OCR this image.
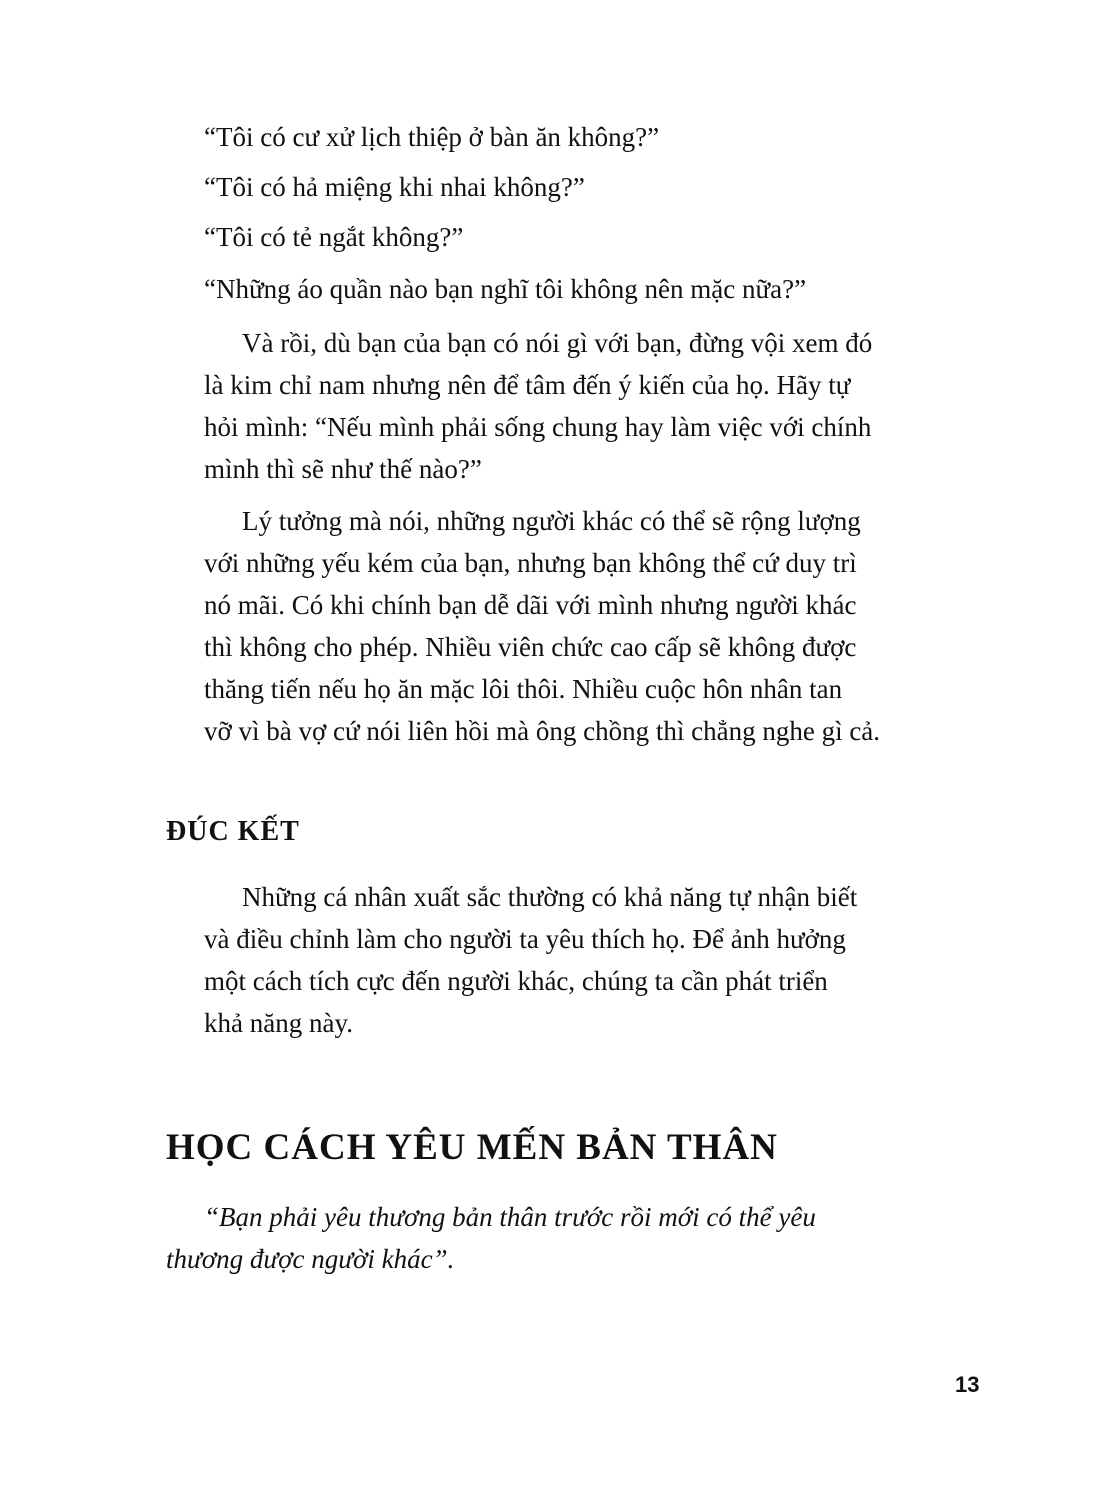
“Tôi có cư xử lịch thiệp ở bàn ăn không?”
“Tôi có hả miệng khi nhai không?”
“Tôi có tẻ ngắt không?”
“Những áo quần nào bạn nghĩ tôi không nên mặc nữa?”
Và rồi, dù bạn của bạn có nói gì với bạn, đừng vội xem đó
là kim chỉ nam nhưng nên để tâm đến ý kiến của họ. Hãy tự
hỏi mình: “Nếu mình phải sống chung hay làm việc với chính
mình thì sẽ như thế nào?”
Lý tưởng mà nói, những người khác có thể sẽ rộng lượng
với những yếu kém của bạn, nhưng bạn không thể cứ duy trì
nó mãi. Có khi chính bạn dễ dãi với mình nhưng người khác
thì không cho phép. Nhiều viên chức cao cấp sẽ không được
thăng tiến nếu họ ăn mặc lôi thôi. Nhiều cuộc hôn nhân tan
vỡ vì bà vợ cứ nói liên hồi mà ông chồng thì chẳng nghe gì cả.
ĐÚC KẾT
Những cá nhân xuất sắc thường có khả năng tự nhận biết
và điều chỉnh làm cho người ta yêu thích họ. Để ảnh hưởng
một cách tích cực đến người khác, chúng ta cần phát triển
khả năng này.
HỌC CÁCH YÊU MẾN BẢN THÂN
“Bạn phải yêu thương bản thân trước rồi mới có thể yêu
thương được người khác”.
13
